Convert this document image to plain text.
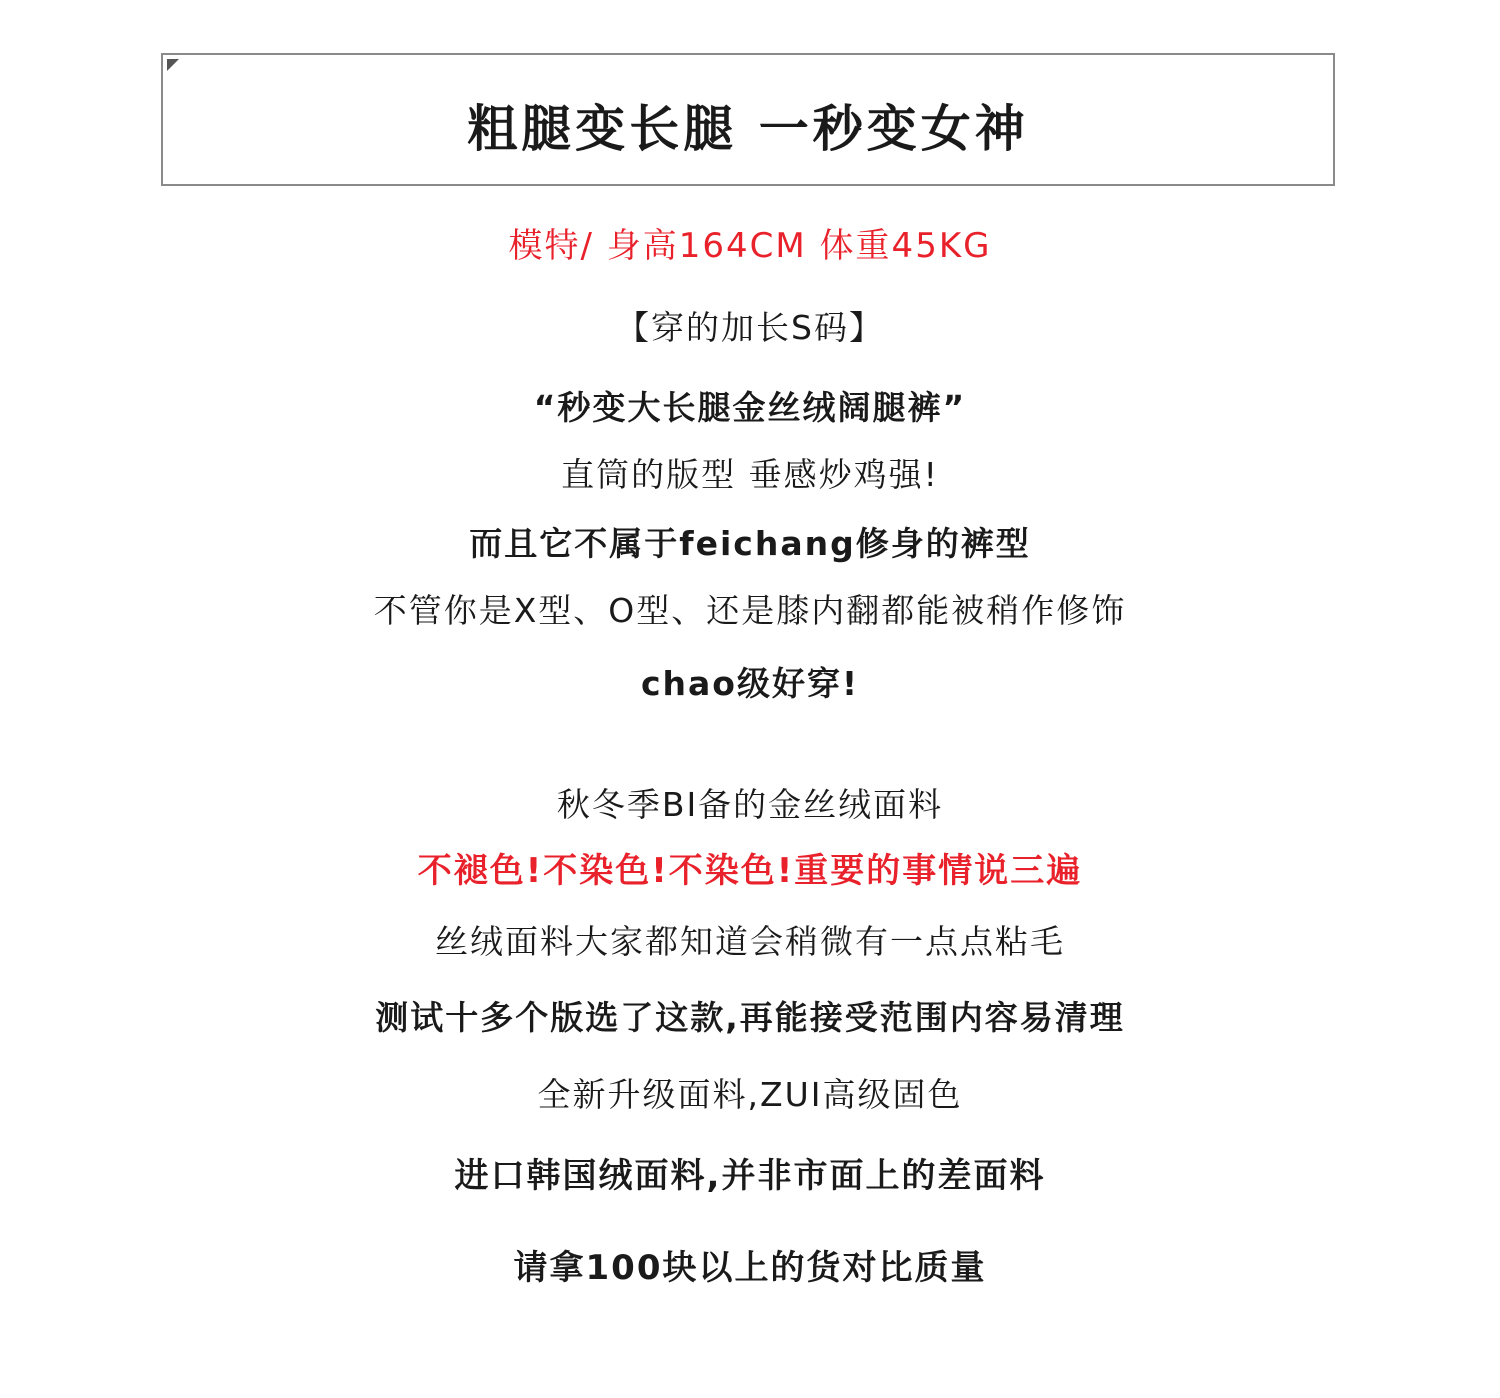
粗腿变长腿 一秒变女神
模特/ 身高164CM 体重45KG
【穿的加长S码】
“秒变大长腿金丝绒阔腿裤”
直筒的版型 垂感炒鸡强!
而且它不属于feichang修身的裤型
不管你是X型、O型、还是膝内翻都能被稍作修饰
chao级好穿!
秋冬季BI备的金丝绒面料
不褪色!不染色!不染色!重要的事情说三遍
丝绒面料大家都知道会稍微有一点点粘毛
测试十多个版选了这款,再能接受范围内容易清理
全新升级面料,ZUI高级固色
进口韩国绒面料,并非市面上的差面料
请拿100块以上的货对比质量
